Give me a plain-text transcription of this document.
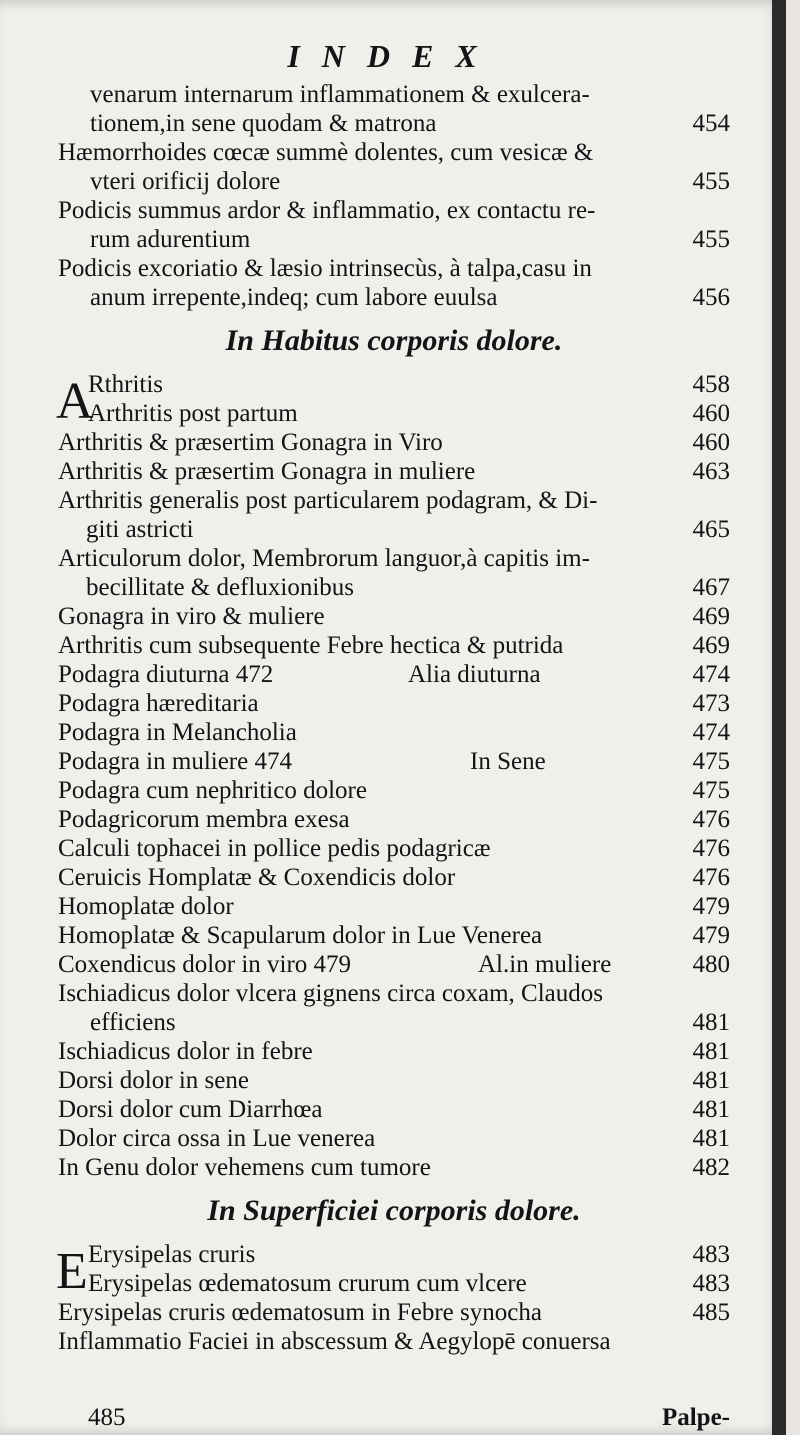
INDEX
venarum internarum inflammationem & exulcera-
tionem,in sene quodam & matrona	454
Hæmorrhoides cœcæ summè dolentes, cum vesicæ &
vteri orificij dolore	455
Podicis summus ardor & inflammatio, ex contactu re-
rum adurentium	455
Podicis excoriatio & læsio intrinsecùs, à talpa,casu in
anum irrepente,indeq; cum labore euulsa	456
In Habitus corporis dolore.
A
Rthritis	458
Arthritis post partum	460
Arthritis & præsertim Gonagra in Viro	460
Arthritis & præsertim Gonagra in muliere	463
Arthritis generalis post particularem podagram, & Di-
giti astricti	465
Articulorum dolor, Membrorum languor,à capitis im-
becillitate & defluxionibus	467
Gonagra in viro & muliere	469
Arthritis cum subsequente Febre hectica & putrida	469
Podagra diuturna 472	Alia diuturna	474
Podagra hæreditaria	473
Podagra in Melancholia	474
Podagra in muliere 474	In Sene	475
Podagra cum nephritico dolore	475
Podagricorum membra exesa	476
Calculi tophacei in pollice pedis podagricæ	476
Ceruicis Homplatæ & Coxendicis dolor	476
Homoplatæ dolor	479
Homoplatæ & Scapularum dolor in Lue Venerea	479
Coxendicus dolor in viro 479	Al.in muliere	480
Ischiadicus dolor vlcera gignens circa coxam, Claudos
efficiens	481
Ischiadicus dolor in febre	481
Dorsi dolor in sene	481
Dorsi dolor cum Diarrhœa	481
Dolor circa ossa in Lue venerea	481
In Genu dolor vehemens cum tumore	482
In Superficiei corporis dolore.
E Erysipelas cruris	483
Erysipelas œdematosum crurum cum vlcere	483
Erysipelas cruris œdematosum in Febre synocha	485
Inflammatio Faciei in abscessum & Aegylopē conuersa
485	Palpe-
